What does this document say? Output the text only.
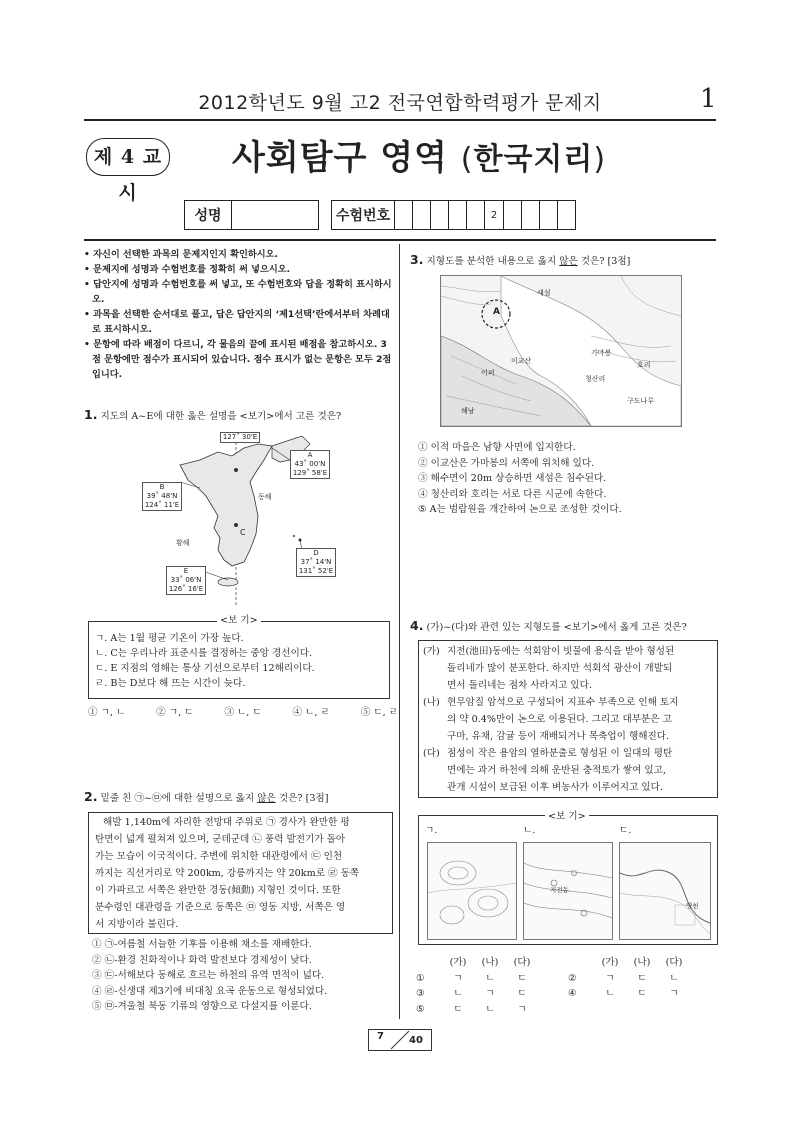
2012학년도 9월 고2 전국연합학력평가 문제지	1
제 4 교시
사회탐구 영역 (한국지리)
성명			수험번호						2				
• 자신이 선택한 과목의 문제지인지 확인하시오.
• 문제지에 성명과 수험번호를 정확히 써 넣으시오.
• 답안지에 성명과 수험번호를 써 넣고, 또 수험번호와 답을 정확히 표시하시오.
• 과목을 선택한 순서대로 풀고, 답은 답안지의 ‘제1선택’란에서부터 차례대로 표시하시오.
• 문항에 따라 배점이 다르니, 각 물음의 끝에 표시된 배점을 참고하시오. 3점 문항에만 점수가 표시되어 있습니다. 점수 표시가 없는 문항은 모두 2점입니다.
1. 지도의 A~E에 대한 옳은 설명을 <보기>에서 고른 것은?
127˚ 30'E
A
43˚ 00'N
129˚ 58'E
B
39˚ 48'N
124˚ 11'E
C
동해
황해
D
37˚ 14'N
131˚ 52'E
E
33˚ 06'N
126˚ 16'E
<보 기>
ㄱ. A는 1월 평균 기온이 가장 높다.
ㄴ. C는 우리나라 표준시를 결정하는 중앙 경선이다.
ㄷ. E 지점의 영해는 통상 기선으로부터 12해리이다.
ㄹ. B는 D보다 해 뜨는 시간이 늦다.
① ㄱ, ㄴ	② ㄱ, ㄷ	③ ㄴ, ㄷ	④ ㄴ, ㄹ	⑤ ㄷ, ㄹ
2. 밑줄 친 ㉠~㉤에 대한 설명으로 옳지 않은 것은? [3점]
해발 1,140m에 자리한 전망대 주위로 ㉠ 경사가 완만한 평
탄면이 넓게 펼쳐져 있으며, 군데군데 ㉡ 풍력 발전기가 돌아
가는 모습이 이국적이다. 주변에 위치한 대관령에서 ㉢ 인천
까지는 직선거리로 약 200km, 강릉까지는 약 20km로 ㉣ 동쪽
이 가파르고 서쪽은 완만한 경동(傾動) 지형인 것이다. 또한
분수령인 대관령을 기준으로 동쪽은 ㉤ 영동 지방, 서쪽은 영
서 지방이라 불린다.
① ㉠-여름철 서늘한 기후를 이용해 채소를 재배한다.
② ㉡-환경 친화적이나 화력 발전보다 경제성이 낮다.
③ ㉢-서해보다 동해로 흐르는 하천의 유역 면적이 넓다.
④ ㉣-신생대 제3기에 비대칭 요곡 운동으로 형성되었다.
⑤ ㉤-겨울철 북동 기류의 영향으로 다설지를 이룬다.
3. 지형도를 분석한 내용으로 옳지 않은 것은? [3점]
A
새섬
가마봉
이교산
이퍼
청산리
호리
구도나루
해남
① 이적 마을은 남향 사면에 입지한다.
② 이교산은 가마봉의 서쪽에 위치해 있다.
③ 해수면이 20m 상승하면 새섬은 침수된다.
④ 청산리와 호리는 서로 다른 시군에 속한다.
⑤ A는 범람원을 개간하여 논으로 조성한 것이다.
4. (가)~(다)와 관련 있는 지형도를 <보기>에서 옳게 고른 것은?
(가) 지전(池田)동에는 석회암이 빗물에 용식을 받아 형성된
돌리네가 많이 분포한다. 하지만 석회석 광산이 개발되
면서 돌리네는 점차 사라지고 있다.
(나) 현무암질 암석으로 구성되어 지표수 부족으로 인해 토지
의 약 0.4%만이 논으로 이용된다. 그리고 대부분은 고
구마, 유채, 감귤 등이 재배되거나 목축업이 행해진다.
(다) 점성이 작은 용암의 열하분출로 형성된 이 일대의 평탄
면에는 과거 하천에 의해 운반된 충적토가 쌓여 있고,
관개 시설이 보급된 이후 벼농사가 이루어지고 있다.
<보 기>
ㄱ.	ㄴ.	ㄷ.
지전동
영천
(가)	(나)	(다)	(가)	(나)	(다)
①	ㄱ	ㄴ	ㄷ	②	ㄱ	ㄷ	ㄴ
③	ㄴ	ㄱ	ㄷ	④	ㄴ	ㄷ	ㄱ
⑤	ㄷ	ㄴ	ㄱ
7	40
